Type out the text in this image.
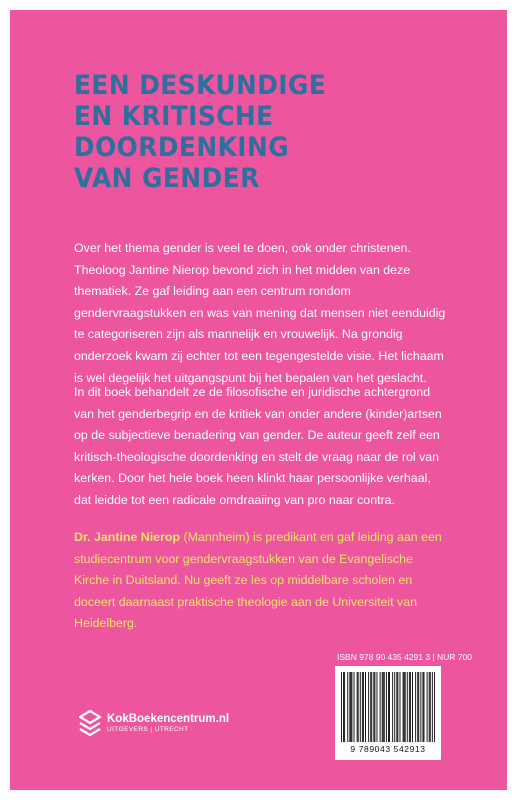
EEN DESKUNDIGE
EN KRITISCHE
DOORDENKING
VAN GENDER

Over het thema gender is veel te doen, ook onder christenen. Theoloog Jantine Nierop bevond zich in het midden van deze thematiek. Ze gaf leiding aan een centrum rondom gendervraagstukken en was van mening dat mensen niet eenduidig te categoriseren zijn als mannelijk en vrouwelijk. Na grondig onderzoek kwam zij echter tot een tegengestelde visie. Het lichaam is wel degelijk het uitgangspunt bij het bepalen van het geslacht.

In dit boek behandelt ze de filosofische en juridische achtergrond van het genderbegrip en de kritiek van onder andere (kinder)artsen op de subjectieve benadering van gender. De auteur geeft zelf een kritisch-theologische doordenking en stelt de vraag naar de rol van kerken. Door het hele boek heen klinkt haar persoonlijke verhaal, dat leidde tot een radicale omdraaiing van pro naar contra.

Dr. Jantine Nierop (Mannheim) is predikant en gaf leiding aan een studiecentrum voor gendervraagstukken van de Evangelische Kirche in Duitsland. Nu geeft ze les op middelbare scholen en doceert daarnaast praktische theologie aan de Universiteit van Heidelberg.

ISBN 978 90 435 4291 3 | NUR 700
9 789043 542913
KokBoekencentrum.nl
UITGEVERS | UTRECHT
